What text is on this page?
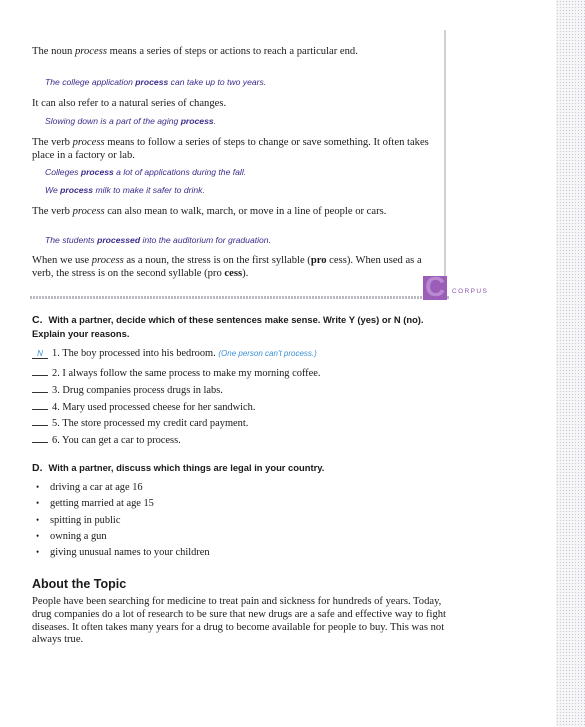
C CORPUS
The noun process means a series of steps or actions to reach a particular end.
The college application process can take up to two years.
It can also refer to a natural series of changes.
Slowing down is a part of the aging process.
The verb process means to follow a series of steps to change or save something. It often takes place in a factory or lab.
Colleges process a lot of applications during the fall.
We process milk to make it safer to drink.
The verb process can also mean to walk, march, or move in a line of people or cars.
The students processed into the auditorium for graduation.
When we use process as a noun, the stress is on the first syllable (pro cess). When used as a verb, the stress is on the second syllable (pro cess).
C. With a partner, decide which of these sentences make sense. Write Y (yes) or N (no). Explain your reasons.
N 1. The boy processed into his bedroom. (One person can't process.)
2. I always follow the same process to make my morning coffee.
3. Drug companies process drugs in labs.
4. Mary used processed cheese for her sandwich.
5. The store processed my credit card payment.
6. You can get a car to process.
D. With a partner, discuss which things are legal in your country.
• driving a car at age 16
• getting married at age 15
• spitting in public
• owning a gun
• giving unusual names to your children
About the Topic
People have been searching for medicine to treat pain and sickness for hundreds of years. Today, drug companies do a lot of research to be sure that new drugs are a safe and effective way to fight diseases. It often takes many years for a drug to become available for people to buy. This was not always true.
